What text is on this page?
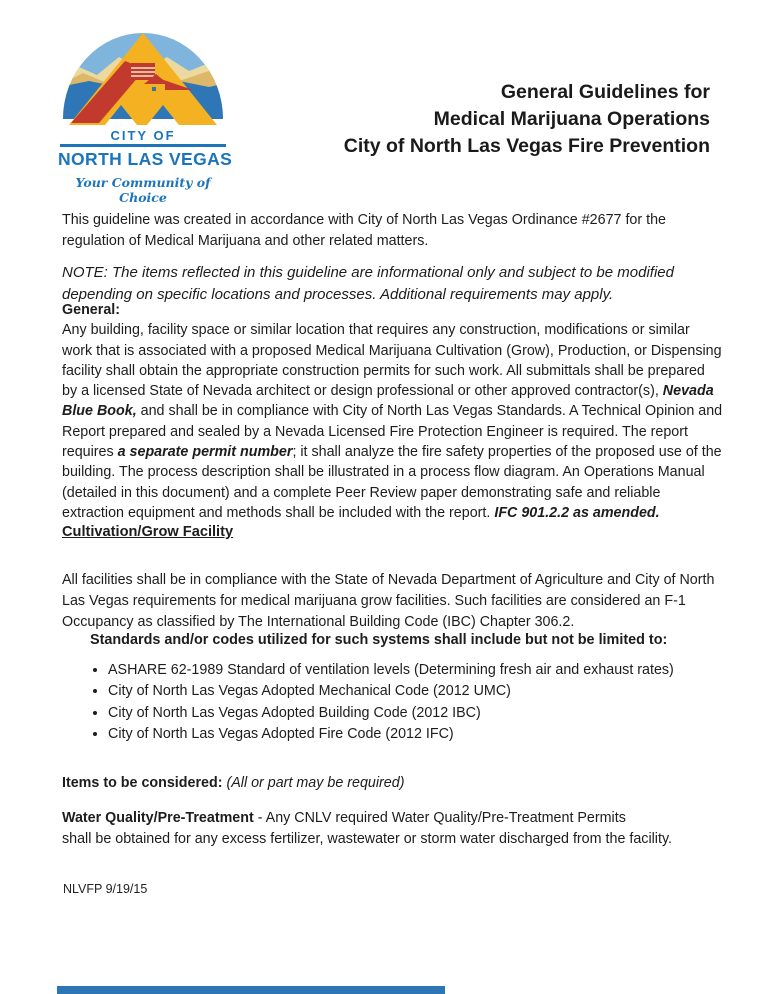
CITY OF
NORTH LAS VEGAS
Your Community of Choice
General Guidelines for
Medical Marijuana Operations
City of North Las Vegas Fire Prevention

This guideline was created in accordance with City of North Las Vegas Ordinance #2677 for the
regulation of Medical Marijuana and other related matters.

NOTE: The items reflected in this guideline are informational only and subject to be modified
depending on specific locations and processes. Additional requirements may apply.

General:
Any building, facility space or similar location that requires any construction, modifications or similar
work that is associated with a proposed Medical Marijuana Cultivation (Grow), Production, or Dispensing
facility shall obtain the appropriate construction permits for such work. All submittals shall be prepared
by a licensed State of Nevada architect or design professional or other approved contractor(s), Nevada
Blue Book, and shall be in compliance with City of North Las Vegas Standards. A Technical Opinion and
Report prepared and sealed by a Nevada Licensed Fire Protection Engineer is required. The report
requires a separate permit number; it shall analyze the fire safety properties of the proposed use of the
building. The process description shall be illustrated in a process flow diagram. An Operations Manual
(detailed in this document) and a complete Peer Review paper demonstrating safe and reliable
extraction equipment and methods shall be included with the report. IFC 901.2.2 as amended.
Cultivation/Grow Facility

All facilities shall be in compliance with the State of Nevada Department of Agriculture and City of North
Las Vegas requirements for medical marijuana grow facilities. Such facilities are considered an F-1
Occupancy as classified by The International Building Code (IBC) Chapter 306.2.

Standards and/or codes utilized for such systems shall include but not be limited to:
• ASHARE 62-1989 Standard of ventilation levels (Determining fresh air and exhaust rates)
• City of North Las Vegas Adopted Mechanical Code (2012 UMC)
• City of North Las Vegas Adopted Building Code (2012 IBC)
• City of North Las Vegas Adopted Fire Code (2012 IFC)

Items to be considered: (All or part may be required)

Water Quality/Pre-Treatment - Any CNLV required Water Quality/Pre-Treatment Permits
shall be obtained for any excess fertilizer, wastewater or storm water discharged from the facility.

NLVFP 9/19/15
